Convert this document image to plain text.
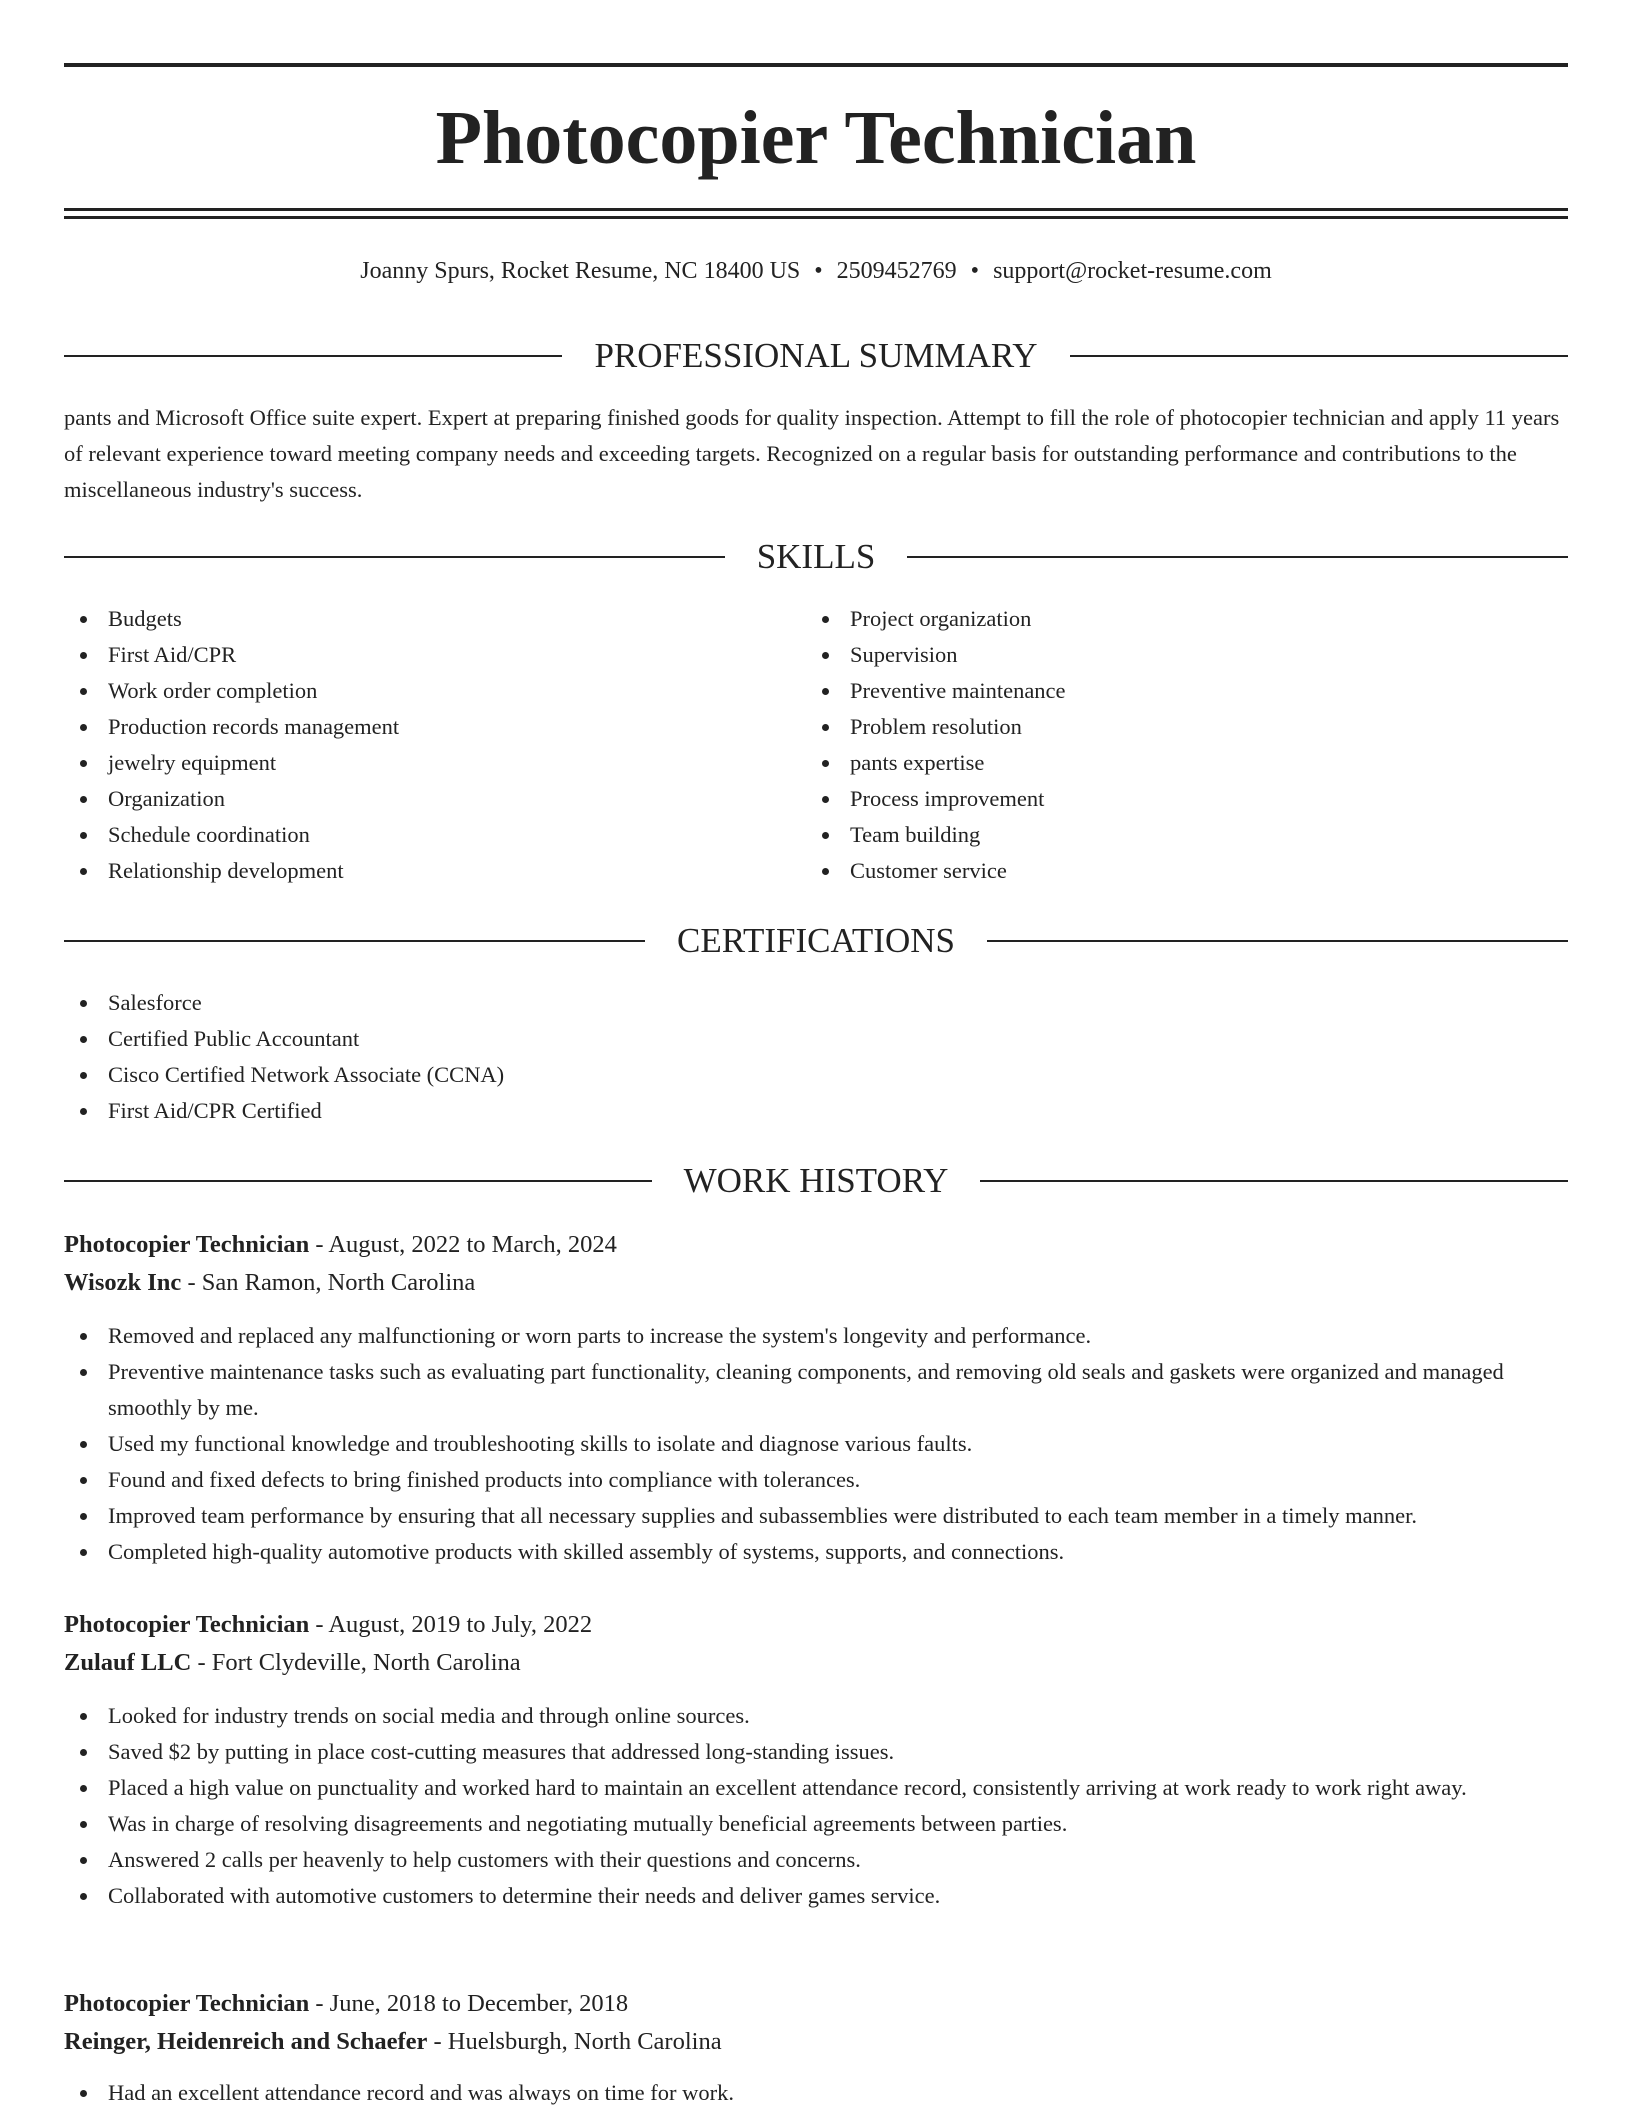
Photocopier Technician
Joanny Spurs, Rocket Resume, NC 18400 US • 2509452769 • support@rocket-resume.com
PROFESSIONAL SUMMARY

pants and Microsoft Office suite expert. Expert at preparing finished goods for quality inspection. Attempt to fill the role of photocopier technician and apply 11 years of relevant experience toward meeting company needs and exceeding targets. Recognized on a regular basis for outstanding performance and contributions to the miscellaneous industry's success.

SKILLS
Budgets
First Aid/CPR
Work order completion
Production records management
jewelry equipment
Organization
Schedule coordination
Relationship development
Project organization
Supervision
Preventive maintenance
Problem resolution
pants expertise
Process improvement
Team building
Customer service
CERTIFICATIONS
Salesforce
Certified Public Accountant
Cisco Certified Network Associate (CCNA)
First Aid/CPR Certified
WORK HISTORY
Photocopier Technician - August, 2022 to March, 2024
Wisozk Inc - San Ramon, North Carolina
Removed and replaced any malfunctioning or worn parts to increase the system's longevity and performance.
Preventive maintenance tasks such as evaluating part functionality, cleaning components, and removing old seals and gaskets were organized and managed smoothly by me.
Used my functional knowledge and troubleshooting skills to isolate and diagnose various faults.
Found and fixed defects to bring finished products into compliance with tolerances.
Improved team performance by ensuring that all necessary supplies and subassemblies were distributed to each team member in a timely manner.
Completed high-quality automotive products with skilled assembly of systems, supports, and connections.
Photocopier Technician - August, 2019 to July, 2022
Zulauf LLC - Fort Clydeville, North Carolina
Looked for industry trends on social media and through online sources.
Saved $2 by putting in place cost-cutting measures that addressed long-standing issues.
Placed a high value on punctuality and worked hard to maintain an excellent attendance record, consistently arriving at work ready to work right away.
Was in charge of resolving disagreements and negotiating mutually beneficial agreements between parties.
Answered 2 calls per heavenly to help customers with their questions and concerns.
Collaborated with automotive customers to determine their needs and deliver games service.
Photocopier Technician - June, 2018 to December, 2018
Reinger, Heidenreich and Schaefer - Huelsburgh, North Carolina
Had an excellent attendance record and was always on time for work.
